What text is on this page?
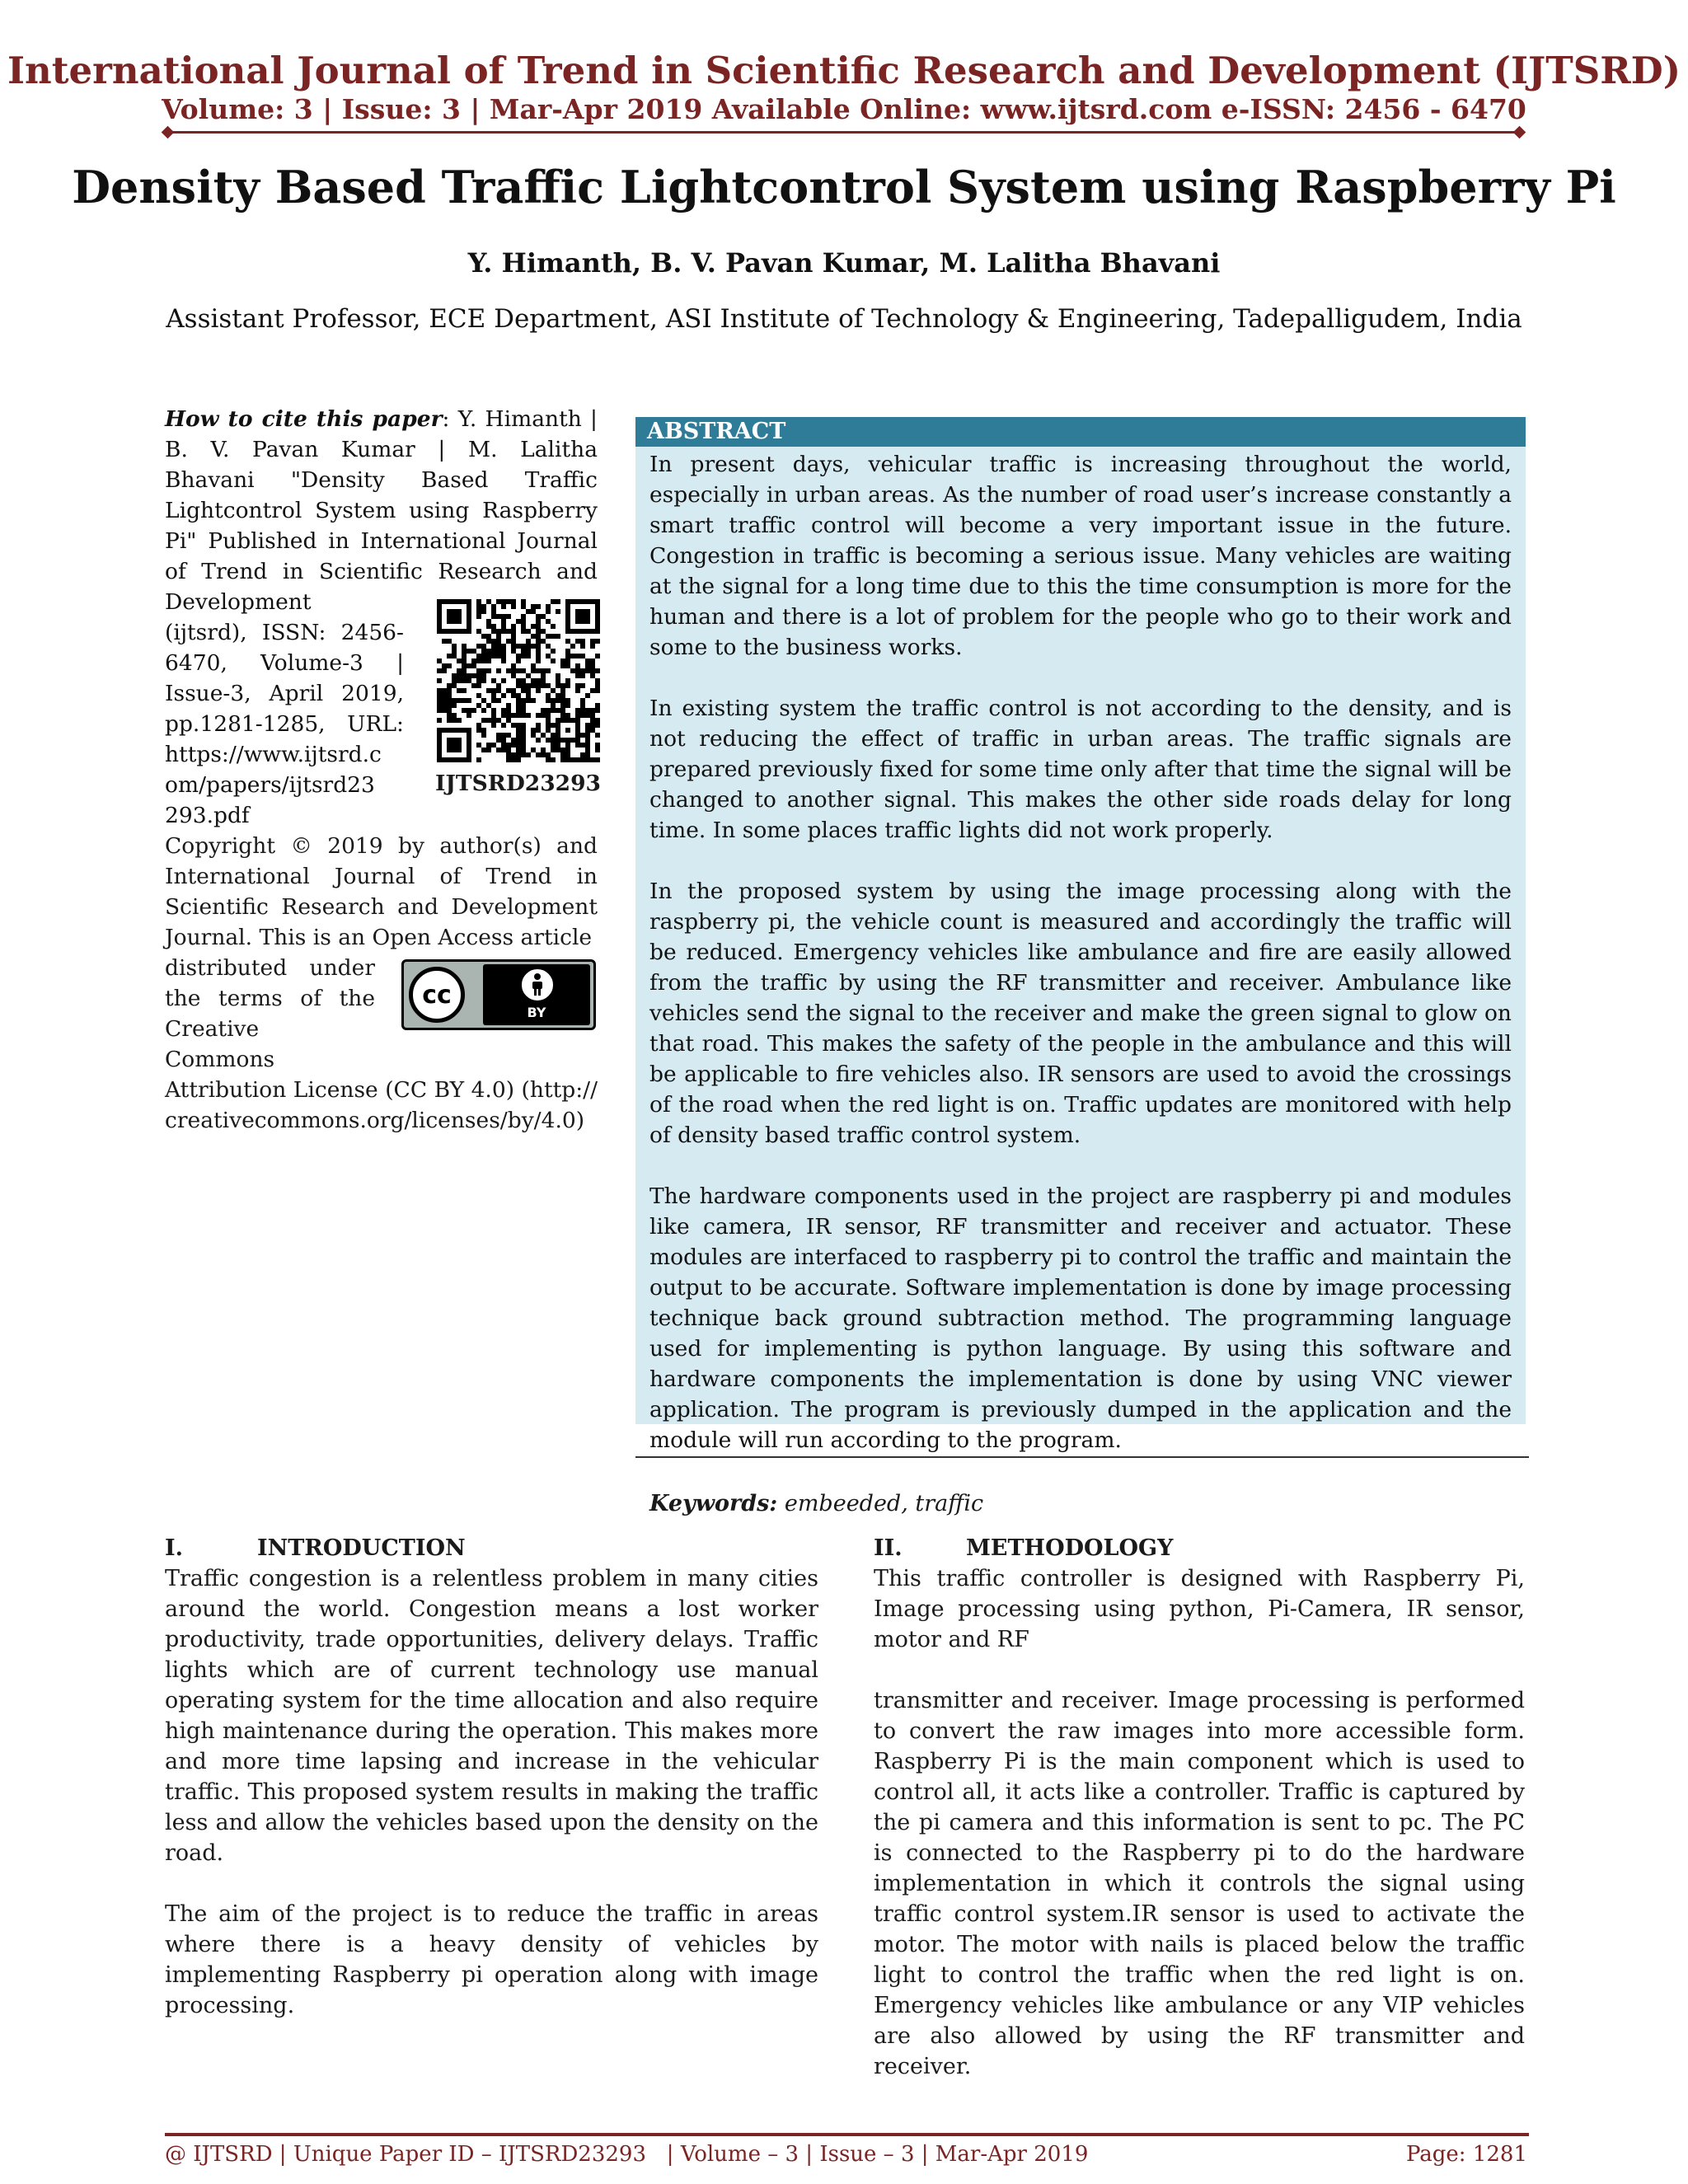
International Journal of Trend in Scientific Research and Development (IJTSRD)
Volume: 3 | Issue: 3 | Mar-Apr 2019 Available Online: www.ijtsrd.com e-ISSN: 2456 - 6470
Density Based Traffic Lightcontrol System using Raspberry Pi
Y. Himanth, B. V. Pavan Kumar, M. Lalitha Bhavani
Assistant Professor, ECE Department, ASI Institute of Technology & Engineering, Tadepalligudem, India
How to cite this paper: Y. Himanth | B. V. Pavan Kumar | M. Lalitha Bhavani "Density Based Traffic Lightcontrol System using Raspberry Pi" Published in International Journal of Trend in Scientific Research and Development
(ijtsrd), ISSN: 2456-
6470, Volume-3 |
Issue-3, April 2019,
pp.1281-1285, URL:
https://www.ijtsrd.c
om/papers/ijtsrd23
293.pdf
IJTSRD23293
Copyright © 2019 by author(s) and International Journal of Trend in Scientific Research and Development Journal. This is an Open Access article
distributed under
the terms of the
Creative Commons
Attribution License (CC BY 4.0) (http://creativecommons.org/licenses/by/4.0)
cc
BY
ABSTRACT

In present days, vehicular traffic is increasing throughout the world, especially in urban areas. As the number of road user’s increase constantly a smart traffic control will become a very important issue in the future. Congestion in traffic is becoming a serious issue. Many vehicles are waiting at the signal for a long time due to this the time consumption is more for the human and there is a lot of problem for the people who go to their work and some to the business works.

In existing system the traffic control is not according to the density, and is not reducing the effect of traffic in urban areas. The traffic signals are prepared previously fixed for some time only after that time the signal will be changed to another signal. This makes the other side roads delay for long time. In some places traffic lights did not work properly.

In the proposed system by using the image processing along with the raspberry pi, the vehicle count is measured and accordingly the traffic will be reduced. Emergency vehicles like ambulance and fire are easily allowed from the traffic by using the RF transmitter and receiver. Ambulance like vehicles send the signal to the receiver and make the green signal to glow on that road. This makes the safety of the people in the ambulance and this will be applicable to fire vehicles also. IR sensors are used to avoid the crossings of the road when the red light is on. Traffic updates are monitored with help of density based traffic control system.

The hardware components used in the project are raspberry pi and modules like camera, IR sensor, RF transmitter and receiver and actuator. These modules are interfaced to raspberry pi to control the traffic and maintain the output to be accurate. Software implementation is done by image processing technique back ground subtraction method. The programming language used for implementing is python language. By using this software and hardware components the implementation is done by using VNC viewer application. The program is previously dumped in the application and the module will run according to the program.

Keywords: embeeded, traffic
I.	INTRODUCTION

Traffic congestion is a relentless problem in many cities around the world. Congestion means a lost worker productivity, trade opportunities, delivery delays. Traffic lights which are of current technology use manual operating system for the time allocation and also require high maintenance during the operation. This makes more and more time lapsing and increase in the vehicular traffic. This proposed system results in making the traffic less and allow the vehicles based upon the density on the road.

The aim of the project is to reduce the traffic in areas where there is a heavy density of vehicles by implementing Raspberry pi operation along with image processing.

II.	METHODOLOGY

This traffic controller is designed with Raspberry Pi, Image processing using python, Pi-Camera, IR sensor, motor and RF

transmitter and receiver. Image processing is performed to convert the raw images into more accessible form. Raspberry Pi is the main component which is used to control all, it acts like a controller. Traffic is captured by the pi camera and this information is sent to pc. The PC is connected to the Raspberry pi to do the hardware implementation in which it controls the signal using traffic control system.IR sensor is used to activate the motor. The motor with nails is placed below the traffic light to control the traffic when the red light is on. Emergency vehicles like ambulance or any VIP vehicles are also allowed by using the RF transmitter and receiver.

@ IJTSRD | Unique Paper ID – IJTSRD23293   | Volume – 3 | Issue – 3 | Mar-Apr 2019	Page: 1281
